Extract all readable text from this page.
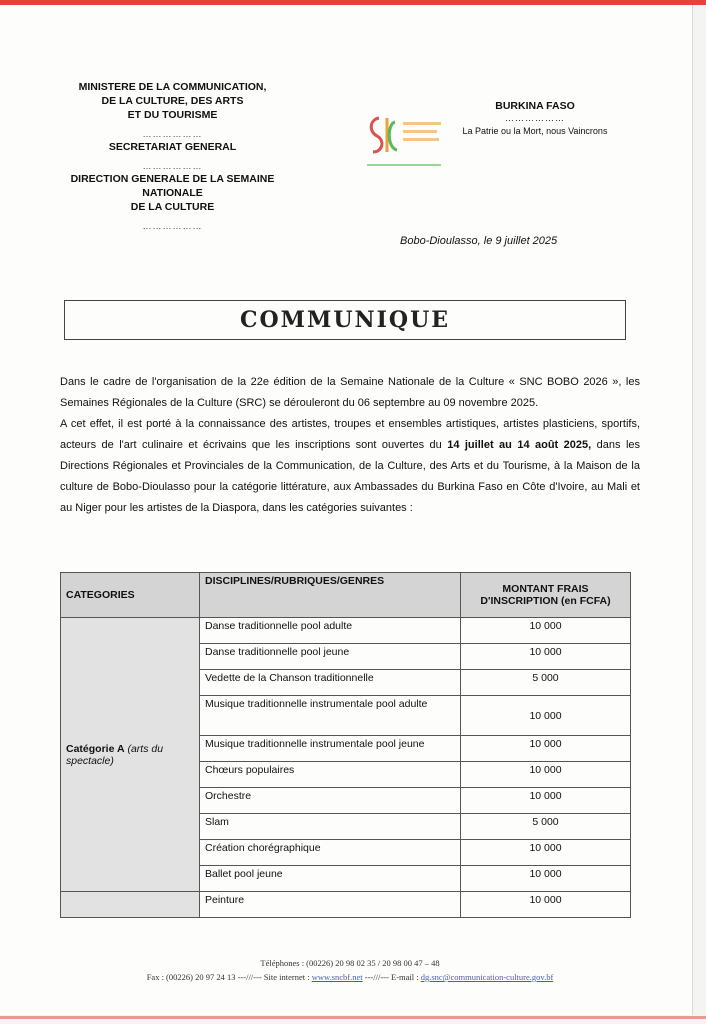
MINISTERE DE LA COMMUNICATION,
DE LA CULTURE, DES ARTS
ET DU TOURISME
………………
SECRETARIAT GENERAL
………………
DIRECTION GENERALE DE LA SEMAINE NATIONALE
DE LA CULTURE
………………
BURKINA FASO
………………
La Patrie ou la Mort, nous Vaincrons
Bobo-Dioulasso, le 9 juillet 2025
COMMUNIQUE

Dans le cadre de l'organisation de la 22e édition de la Semaine Nationale de la Culture « SNC BOBO 2026 », les Semaines Régionales de la Culture (SRC) se dérouleront du 06 septembre au 09 novembre 2025.

A cet effet, il est porté à la connaissance des artistes, troupes et ensembles artistiques, artistes plasticiens, sportifs, acteurs de l'art culinaire et écrivains que les inscriptions sont ouvertes du 14 juillet au 14 août 2025, dans les Directions Régionales et Provinciales de la Communication, de la Culture, des Arts et du Tourisme, à la Maison de la culture de Bobo-Dioulasso pour la catégorie littérature, aux Ambassades du Burkina Faso en Côte d'Ivoire, au Mali et au Niger pour les artistes de la Diaspora, dans les catégories suivantes :

CATEGORIES	DISCIPLINES/RUBRIQUES/GENRES	MONTANT FRAIS D'INSCRIPTION (en FCFA)
Catégorie A (arts du spectacle)	Danse traditionnelle pool adulte	10 000
	Danse traditionnelle pool jeune	10 000
	Vedette de la Chanson traditionnelle	5 000
	Musique traditionnelle instrumentale pool adulte	10 000
	Musique traditionnelle instrumentale pool jeune	10 000
	Chœurs populaires	10 000
	Orchestre	10 000
	Slam	5 000
	Création chorégraphique	10 000
	Ballet pool jeune	10 000
	Peinture	10 000
Téléphones : (00226) 20 98 02 35 / 20 98 00 47 – 48
Fax : (00226) 20 97 24 13 ---///--- Site internet : www.sncbf.net ---///--- E-mail : dg.snc@communication-culture.gov.bf
